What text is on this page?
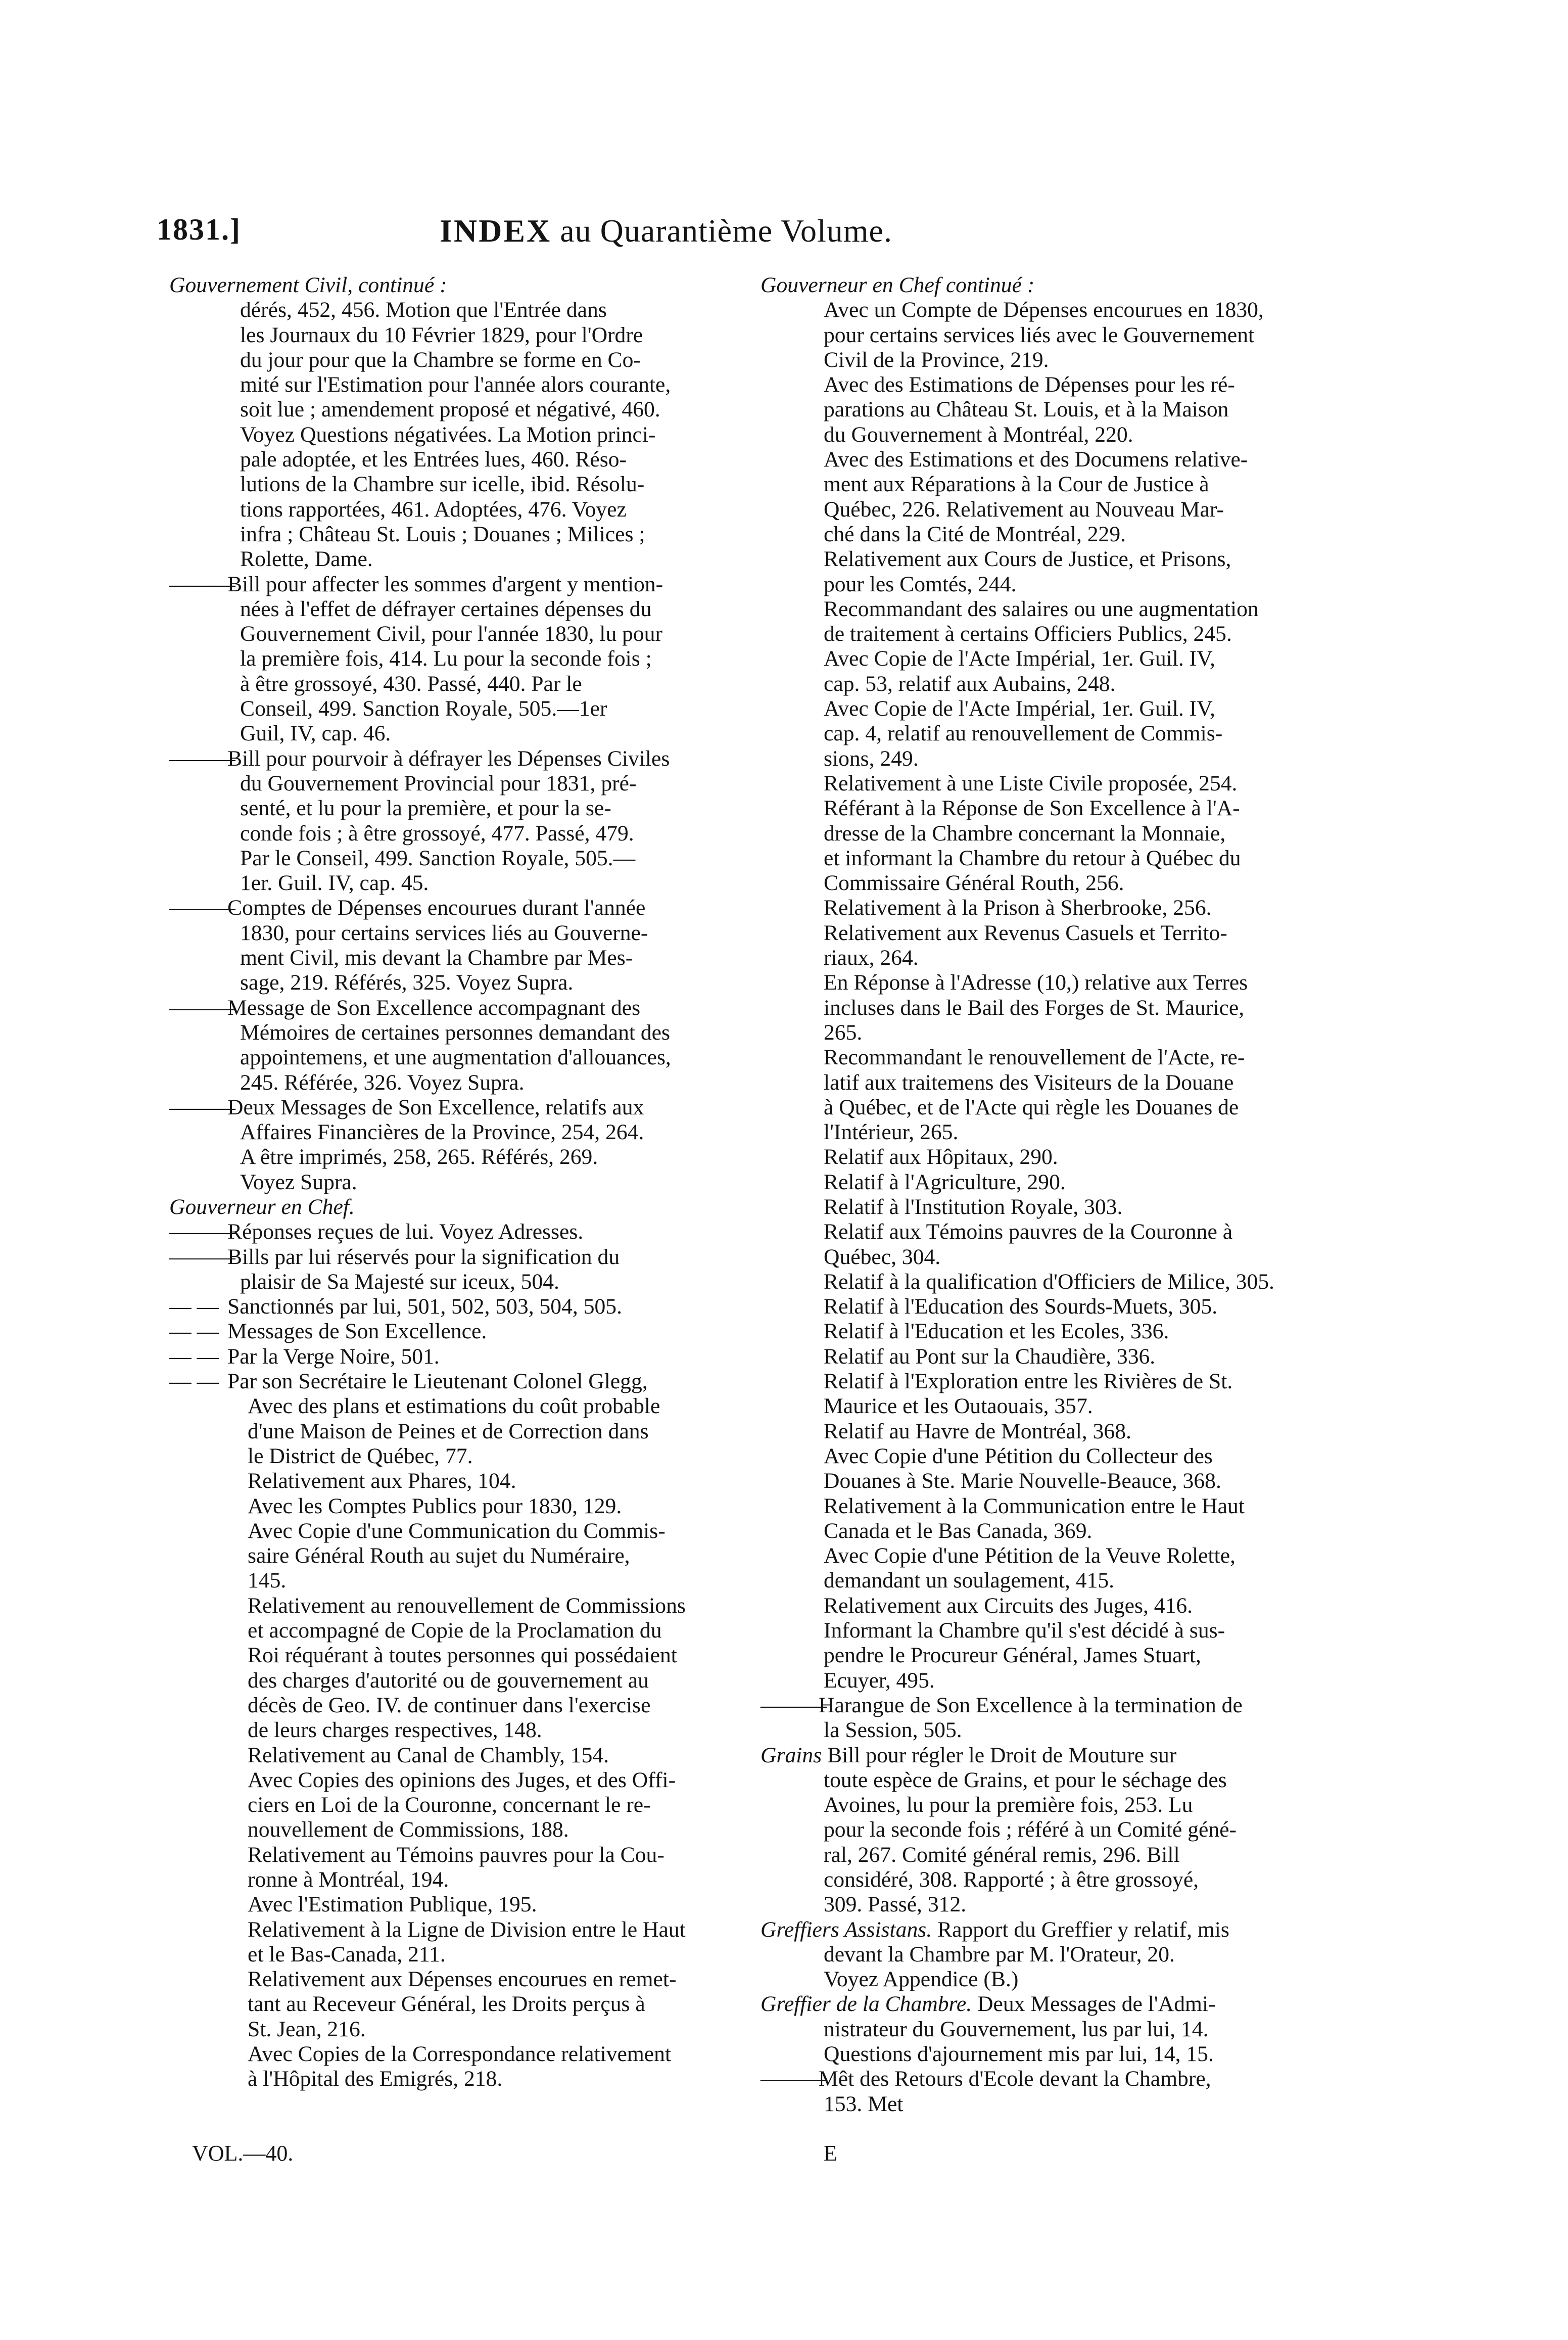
1831.]	INDEX au Quarantième Volume.
Gouvernement Civil, continué :
dérés, 452, 456. Motion que l'Entrée dans
les Journaux du 10 Février 1829, pour l'Ordre
du jour pour que la Chambre se forme en Co-
mité sur l'Estimation pour l'année alors courante,
soit lue ; amendement proposé et négativé, 460.
Voyez Questions négativées. La Motion princi-
pale adoptée, et les Entrées lues, 460. Réso-
lutions de la Chambre sur icelle, ibid. Résolu-
tions rapportées, 461. Adoptées, 476. Voyez
infra ; Château St. Louis ; Douanes ; Milices ;
Rolette, Dame.
———Bill pour affecter les sommes d'argent y mention-
nées à l'effet de défrayer certaines dépenses du
Gouvernement Civil, pour l'année 1830, lu pour
la première fois, 414. Lu pour la seconde fois ;
à être grossoyé, 430. Passé, 440. Par le
Conseil, 499. Sanction Royale, 505.—1er
Guil, IV, cap. 46.
———Bill pour pourvoir à défrayer les Dépenses Civiles
du Gouvernement Provincial pour 1831, pré-
senté, et lu pour la première, et pour la se-
conde fois ; à être grossoyé, 477. Passé, 479.
Par le Conseil, 499. Sanction Royale, 505.—
1er. Guil. IV, cap. 45.
———Comptes de Dépenses encourues durant l'année
1830, pour certains services liés au Gouverne-
ment Civil, mis devant la Chambre par Mes-
sage, 219. Référés, 325. Voyez Supra.
———Message de Son Excellence accompagnant des
Mémoires de certaines personnes demandant des
appointemens, et une augmentation d'allouances,
245. Référée, 326. Voyez Supra.
———Deux Messages de Son Excellence, relatifs aux
Affaires Financières de la Province, 254, 264.
A être imprimés, 258, 265. Référés, 269.
Voyez Supra.
Gouverneur en Chef.
———Réponses reçues de lui. Voyez Adresses.
———Bills par lui réservés pour la signification du
plaisir de Sa Majesté sur iceux, 504.
— — Sanctionnés par lui, 501, 502, 503, 504, 505.
— — Messages de Son Excellence.
— — Par la Verge Noire, 501.
— — Par son Secrétaire le Lieutenant Colonel Glegg,
Avec des plans et estimations du coût probable
d'une Maison de Peines et de Correction dans
le District de Québec, 77.
Relativement aux Phares, 104.
Avec les Comptes Publics pour 1830, 129.
Avec Copie d'une Communication du Commis-
saire Général Routh au sujet du Numéraire,
145.
Relativement au renouvellement de Commissions
et accompagné de Copie de la Proclamation du
Roi réquérant à toutes personnes qui possédaient
des charges d'autorité ou de gouvernement au
décès de Geo. IV. de continuer dans l'exercise
de leurs charges respectives, 148.
Relativement au Canal de Chambly, 154.
Avec Copies des opinions des Juges, et des Offi-
ciers en Loi de la Couronne, concernant le re-
nouvellement de Commissions, 188.
Relativement au Témoins pauvres pour la Cou-
ronne à Montréal, 194.
Avec l'Estimation Publique, 195.
Relativement à la Ligne de Division entre le Haut
et le Bas-Canada, 211.
Relativement aux Dépenses encourues en remet-
tant au Receveur Général, les Droits perçus à
St. Jean, 216.
Avec Copies de la Correspondance relativement
à l'Hôpital des Emigrés, 218.
Gouverneur en Chef continué :
Avec un Compte de Dépenses encourues en 1830,
pour certains services liés avec le Gouvernement
Civil de la Province, 219.
Avec des Estimations de Dépenses pour les ré-
parations au Château St. Louis, et à la Maison
du Gouvernement à Montréal, 220.
Avec des Estimations et des Documens relative-
ment aux Réparations à la Cour de Justice à
Québec, 226. Relativement au Nouveau Mar-
ché dans la Cité de Montréal, 229.
Relativement aux Cours de Justice, et Prisons,
pour les Comtés, 244.
Recommandant des salaires ou une augmentation
de traitement à certains Officiers Publics, 245.
Avec Copie de l'Acte Impérial, 1er. Guil. IV,
cap. 53, relatif aux Aubains, 248.
Avec Copie de l'Acte Impérial, 1er. Guil. IV,
cap. 4, relatif au renouvellement de Commis-
sions, 249.
Relativement à une Liste Civile proposée, 254.
Référant à la Réponse de Son Excellence à l'A-
dresse de la Chambre concernant la Monnaie,
et informant la Chambre du retour à Québec du
Commissaire Général Routh, 256.
Relativement à la Prison à Sherbrooke, 256.
Relativement aux Revenus Casuels et Territo-
riaux, 264.
En Réponse à l'Adresse (10,) relative aux Terres
incluses dans le Bail des Forges de St. Maurice,
265.
Recommandant le renouvellement de l'Acte, re-
latif aux traitemens des Visiteurs de la Douane
à Québec, et de l'Acte qui règle les Douanes de
l'Intérieur, 265.
Relatif aux Hôpitaux, 290.
Relatif à l'Agriculture, 290.
Relatif à l'Institution Royale, 303.
Relatif aux Témoins pauvres de la Couronne à
Québec, 304.
Relatif à la qualification d'Officiers de Milice, 305.
Relatif à l'Education des Sourds-Muets, 305.
Relatif à l'Education et les Ecoles, 336.
Relatif au Pont sur la Chaudière, 336.
Relatif à l'Exploration entre les Rivières de St.
Maurice et les Outaouais, 357.
Relatif au Havre de Montréal, 368.
Avec Copie d'une Pétition du Collecteur des
Douanes à Ste. Marie Nouvelle-Beauce, 368.
Relativement à la Communication entre le Haut
Canada et le Bas Canada, 369.
Avec Copie d'une Pétition de la Veuve Rolette,
demandant un soulagement, 415.
Relativement aux Circuits des Juges, 416.
Informant la Chambre qu'il s'est décidé à sus-
pendre le Procureur Général, James Stuart,
Ecuyer, 495.
———Harangue de Son Excellence à la termination de
la Session, 505.
Grains Bill pour régler le Droit de Mouture sur
toute espèce de Grains, et pour le séchage des
Avoines, lu pour la première fois, 253. Lu
pour la seconde fois ; référé à un Comité géné-
ral, 267. Comité général remis, 296. Bill
considéré, 308. Rapporté ; à être grossoyé,
309. Passé, 312.
Greffiers Assistans. Rapport du Greffier y relatif, mis
devant la Chambre par M. l'Orateur, 20.
Voyez Appendice (B.)
Greffier de la Chambre. Deux Messages de l'Admi-
nistrateur du Gouvernement, lus par lui, 14.
Questions d'ajournement mis par lui, 14, 15.
———Mêt des Retours d'Ecole devant la Chambre,
153. Met
VOL.—40.	E
